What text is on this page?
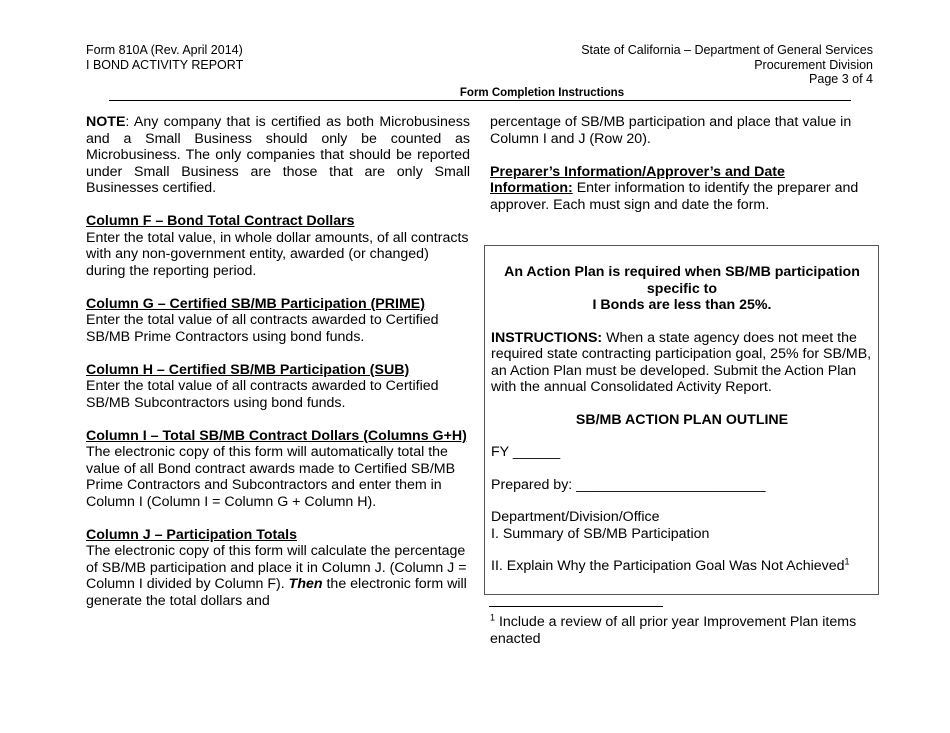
Form 810A (Rev. April 2014)
I BOND ACTIVITY REPORT
State of California – Department of General Services
Procurement Division
Page 3 of 4
Form Completion Instructions

NOTE: Any company that is certified as both Microbusiness and a Small Business should only be counted as Microbusiness. The only companies that should be reported under Small Business are those that are only Small Businesses certified.

Column F – Bond Total Contract Dollars
Enter the total value, in whole dollar amounts, of all contracts with any non-government entity, awarded (or changed) during the reporting period.
Column G – Certified SB/MB Participation (PRIME)
Enter the total value of all contracts awarded to Certified SB/MB Prime Contractors using bond funds.
Column H – Certified SB/MB Participation (SUB)
Enter the total value of all contracts awarded to Certified SB/MB Subcontractors using bond funds.
Column I – Total SB/MB Contract Dollars (Columns G+H)
The electronic copy of this form will automatically total the value of all Bond contract awards made to Certified SB/MB Prime Contractors and Subcontractors and enter them in Column I (Column I = Column G + Column H).
Column J – Participation Totals
The electronic copy of this form will calculate the percentage of SB/MB participation and place it in Column J. (Column J = Column I divided by Column F). Then the electronic form will generate the total dollars and

percentage of SB/MB participation and place that value in Column I and J (Row 20).

Preparer’s Information/Approver’s and Date Information: Enter information to identify the preparer and approver. Each must sign and date the form.
An Action Plan is required when SB/MB participation
specific to
I Bonds are less than 25%.
INSTRUCTIONS: When a state agency does not meet the required state contracting participation goal, 25% for SB/MB, an Action Plan must be developed. Submit the Action Plan with the annual Consolidated Activity Report.
SB/MB ACTION PLAN OUTLINE
FY ______
Prepared by: ________________________
Department/Division/Office
I. Summary of SB/MB Participation
II. Explain Why the Participation Goal Was Not Achieved$^1$
$^1$ Include a review of all prior year Improvement Plan items enacted
